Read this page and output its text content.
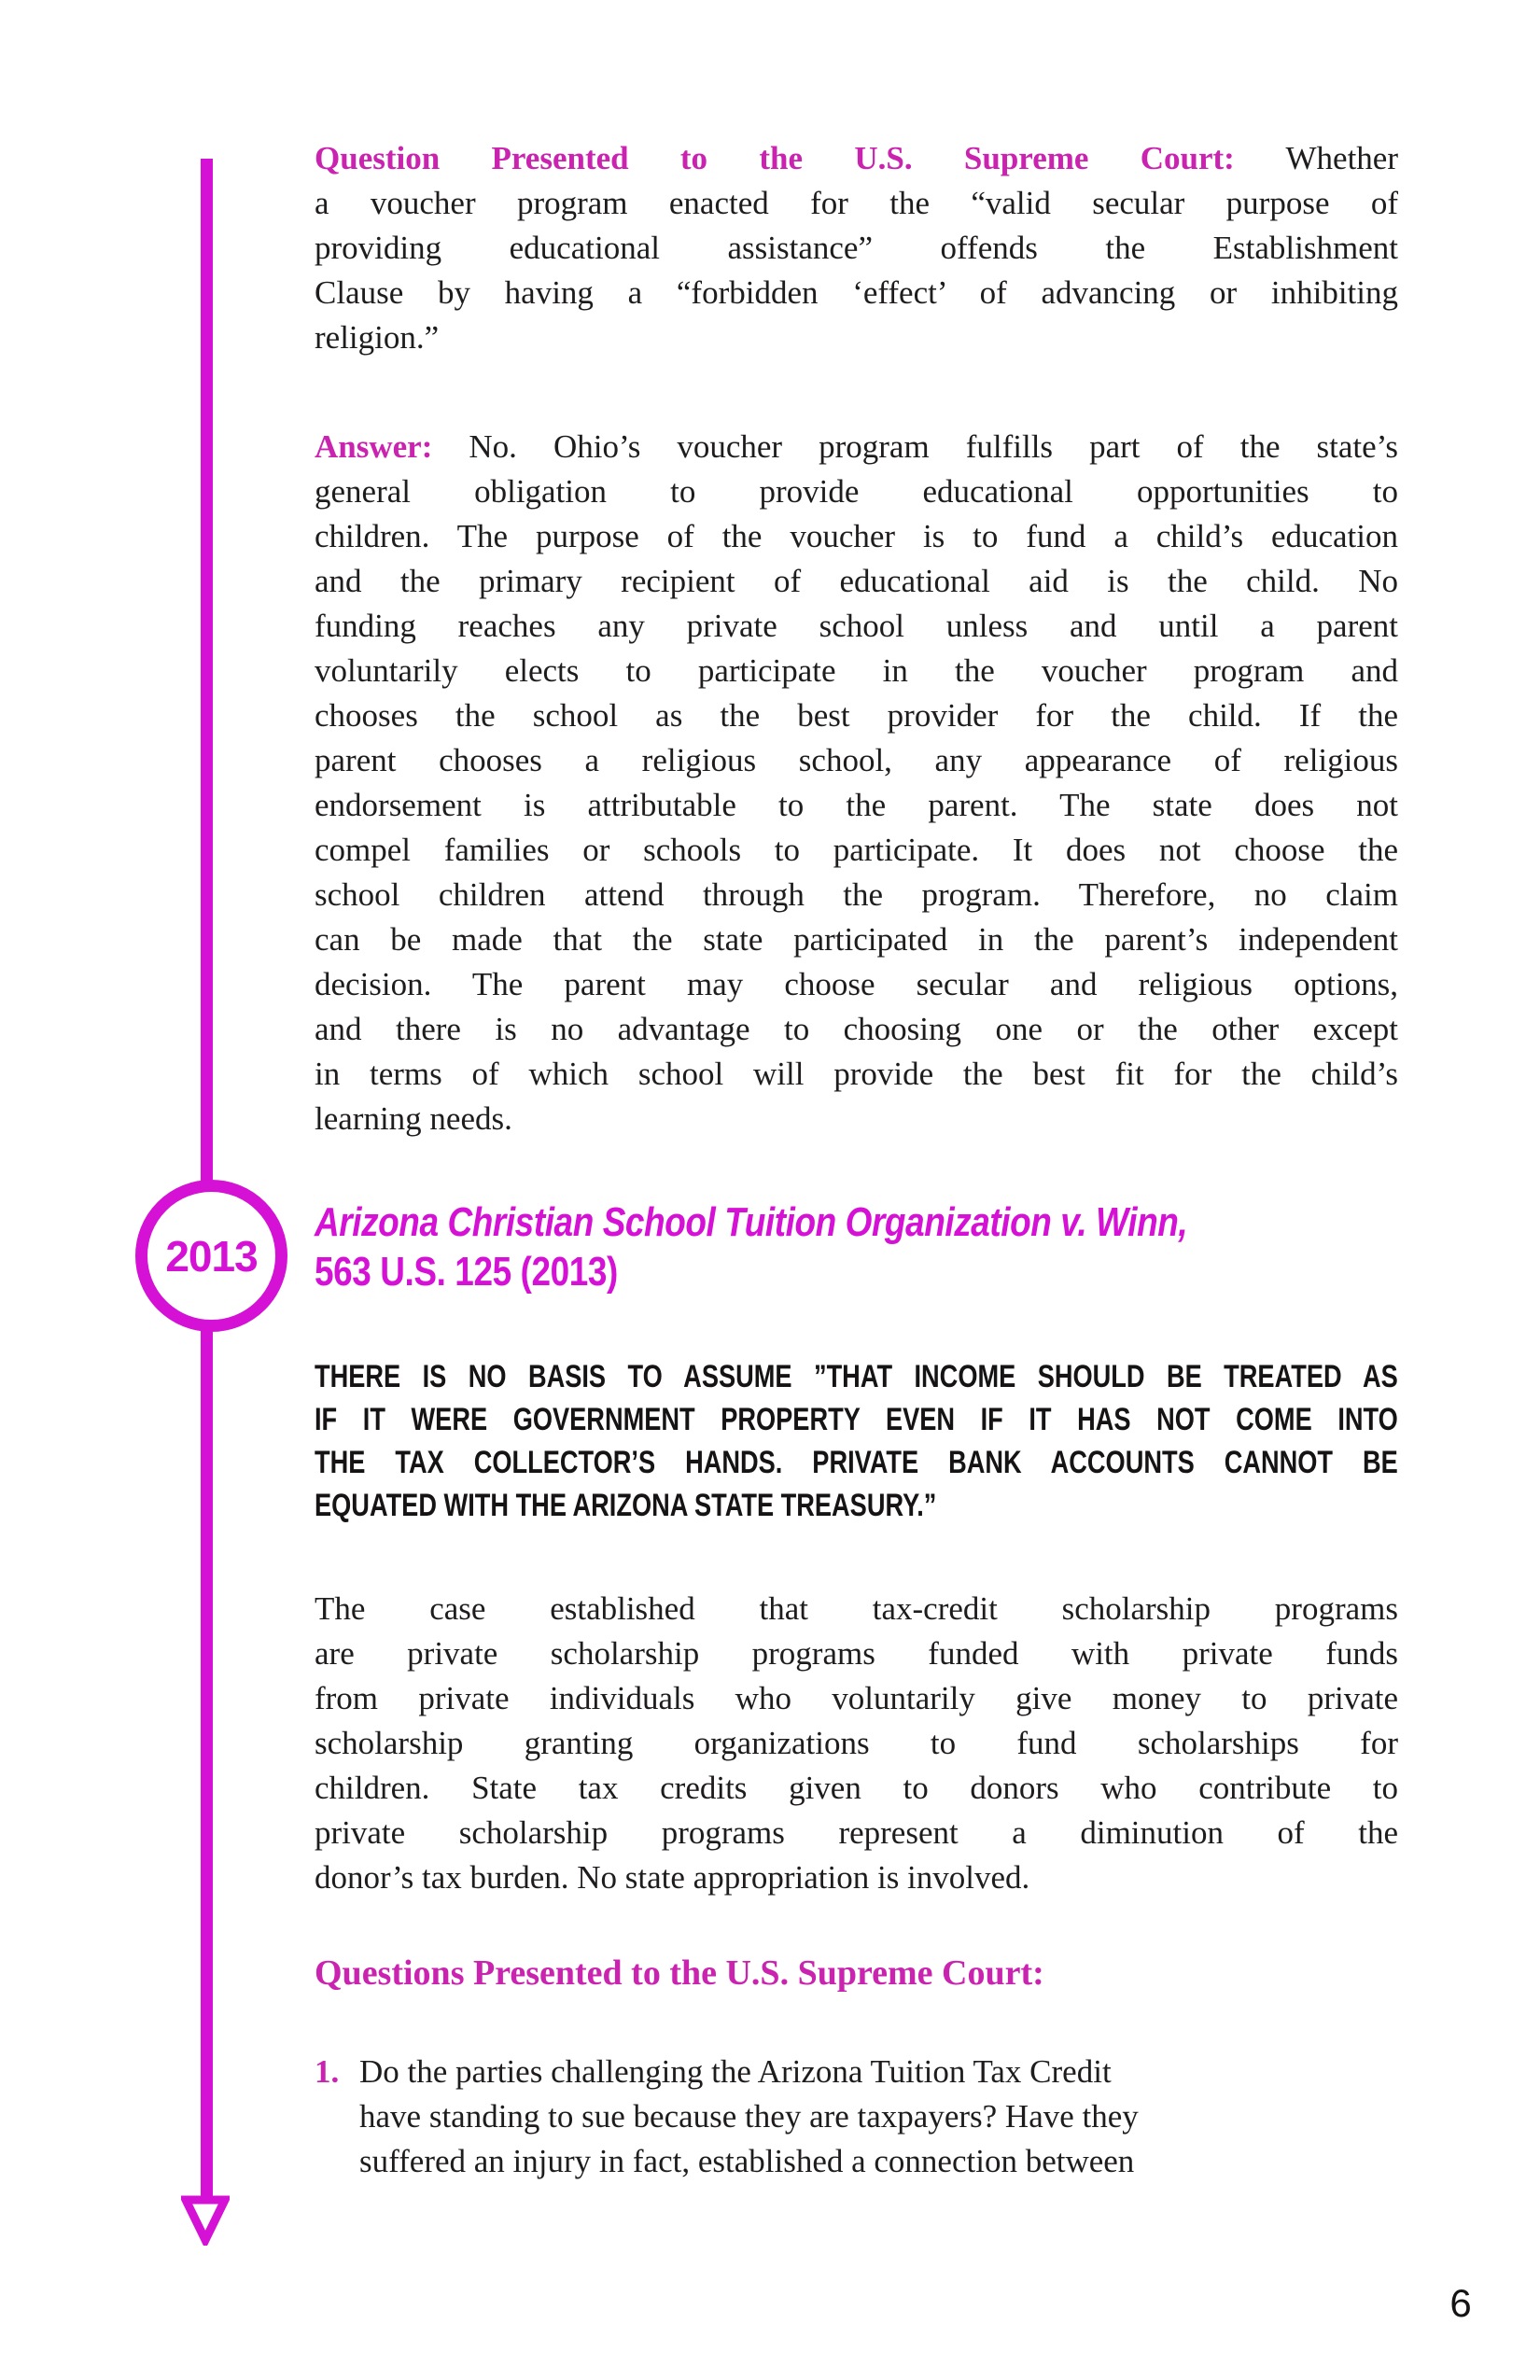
2013
Question Presented to the U.S. Supreme Court: Whether
a voucher program enacted for the “valid secular purpose of
providing educational assistance” offends the Establishment
Clause by having a “forbidden ‘effect’ of advancing or inhibiting
religion.”
Answer: No. Ohio’s voucher program fulfills part of the state’s
general obligation to provide educational opportunities to
children. The purpose of the voucher is to fund a child’s education
and the primary recipient of educational aid is the child. No
funding reaches any private school unless and until a parent
voluntarily elects to participate in the voucher program and
chooses the school as the best provider for the child. If the
parent chooses a religious school, any appearance of religious
endorsement is attributable to the parent. The state does not
compel families or schools to participate. It does not choose the
school children attend through the program. Therefore, no claim
can be made that the state participated in the parent’s independent
decision. The parent may choose secular and religious options,
and there is no advantage to choosing one or the other except
in terms of which school will provide the best fit for the child’s
learning needs.
Arizona Christian School Tuition Organization v. Winn,
563 U.S. 125 (2013)
THERE IS NO BASIS TO ASSUME ”THAT INCOME SHOULD BE TREATED AS
IF IT WERE GOVERNMENT PROPERTY EVEN IF IT HAS NOT COME INTO
THE TAX COLLECTOR’S HANDS. PRIVATE BANK ACCOUNTS CANNOT BE
EQUATED WITH THE ARIZONA STATE TREASURY.”
The case established that tax-credit scholarship programs
are private scholarship programs funded with private funds
from private individuals who voluntarily give money to private
scholarship granting organizations to fund scholarships for
children. State tax credits given to donors who contribute to
private scholarship programs represent a diminution of the
donor’s tax burden. No state appropriation is involved.
Questions Presented to the U.S. Supreme Court:
1. Do the parties challenging the Arizona Tuition Tax Credit
have standing to sue because they are taxpayers? Have they
suffered an injury in fact, established a connection between
6
